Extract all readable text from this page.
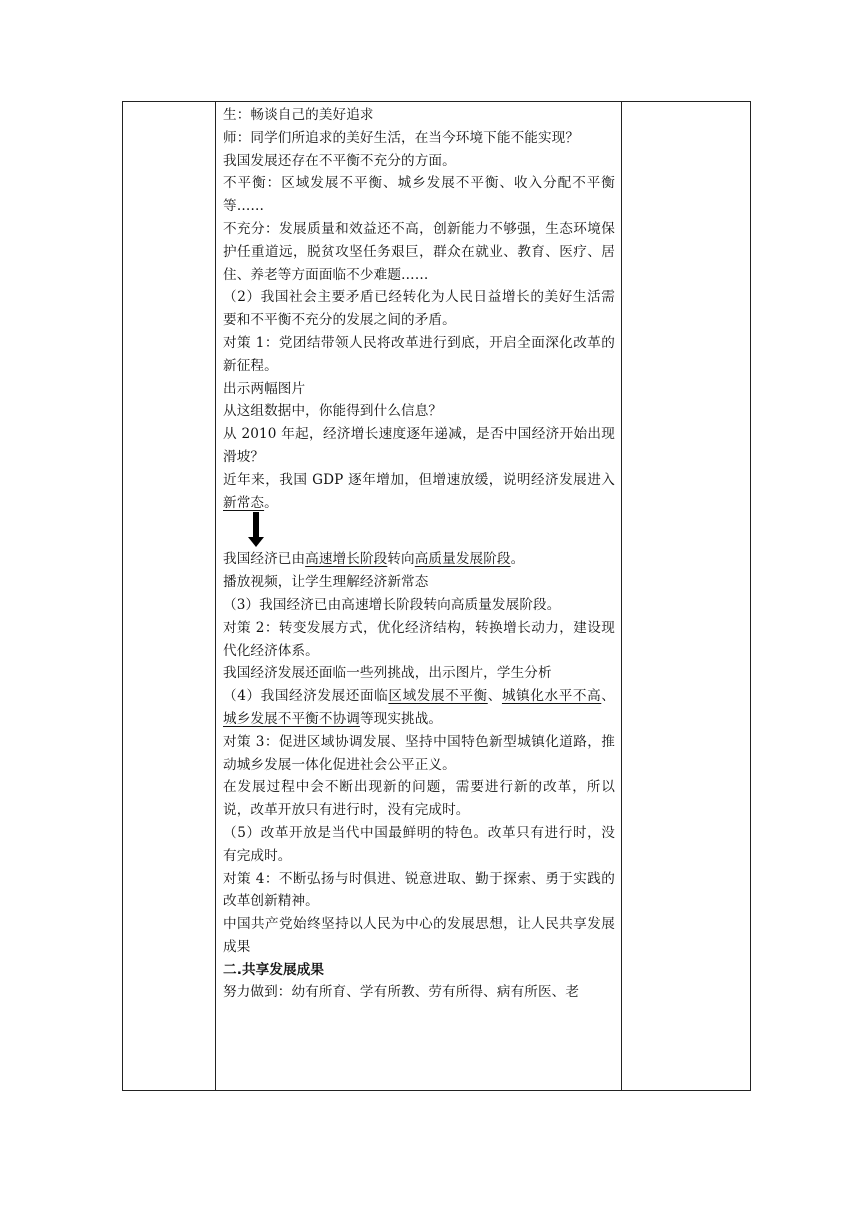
生：畅谈自己的美好追求

师：同学们所追求的美好生活，在当今环境下能不能实现？

我国发展还存在不平衡不充分的方面。

不平衡：区域发展不平衡、城乡发展不平衡、收入分配不平衡等……

不充分：发展质量和效益还不高，创新能力不够强，生态环境保护任重道远，脱贫攻坚任务艰巨，群众在就业、教育、医疗、居住、养老等方面面临不少难题……

（2）我国社会主要矛盾已经转化为人民日益增长的美好生活需要和不平衡不充分的发展之间的矛盾。

对策 1：党团结带领人民将改革进行到底，开启全面深化改革的新征程。

出示两幅图片

从这组数据中，你能得到什么信息？

从 2010 年起，经济增长速度逐年递减，是否中国经济开始出现滑坡？

近年来，我国 GDP 逐年增加，但增速放缓，说明经济发展进入新常态。

我国经济已由高速增长阶段转向高质量发展阶段。

播放视频，让学生理解经济新常态

（3）我国经济已由高速增长阶段转向高质量发展阶段。

对策 2：转变发展方式，优化经济结构，转换增长动力，建设现代化经济体系。

我国经济发展还面临一些列挑战，出示图片，学生分析

（4）我国经济发展还面临区域发展不平衡、城镇化水平不高、城乡发展不平衡不协调等现实挑战。

对策 3：促进区域协调发展、坚持中国特色新型城镇化道路，推动城乡发展一体化促进社会公平正义。

在发展过程中会不断出现新的问题，需要进行新的改革，所以说，改革开放只有进行时，没有完成时。

（5）改革开放是当代中国最鲜明的特色。改革只有进行时，没有完成时。

对策 4：不断弘扬与时俱进、锐意进取、勤于探索、勇于实践的改革创新精神。

中国共产党始终坚持以人民为中心的发展思想，让人民共享发展成果

二.共享发展成果

努力做到：幼有所育、学有所教、劳有所得、病有所医、老
